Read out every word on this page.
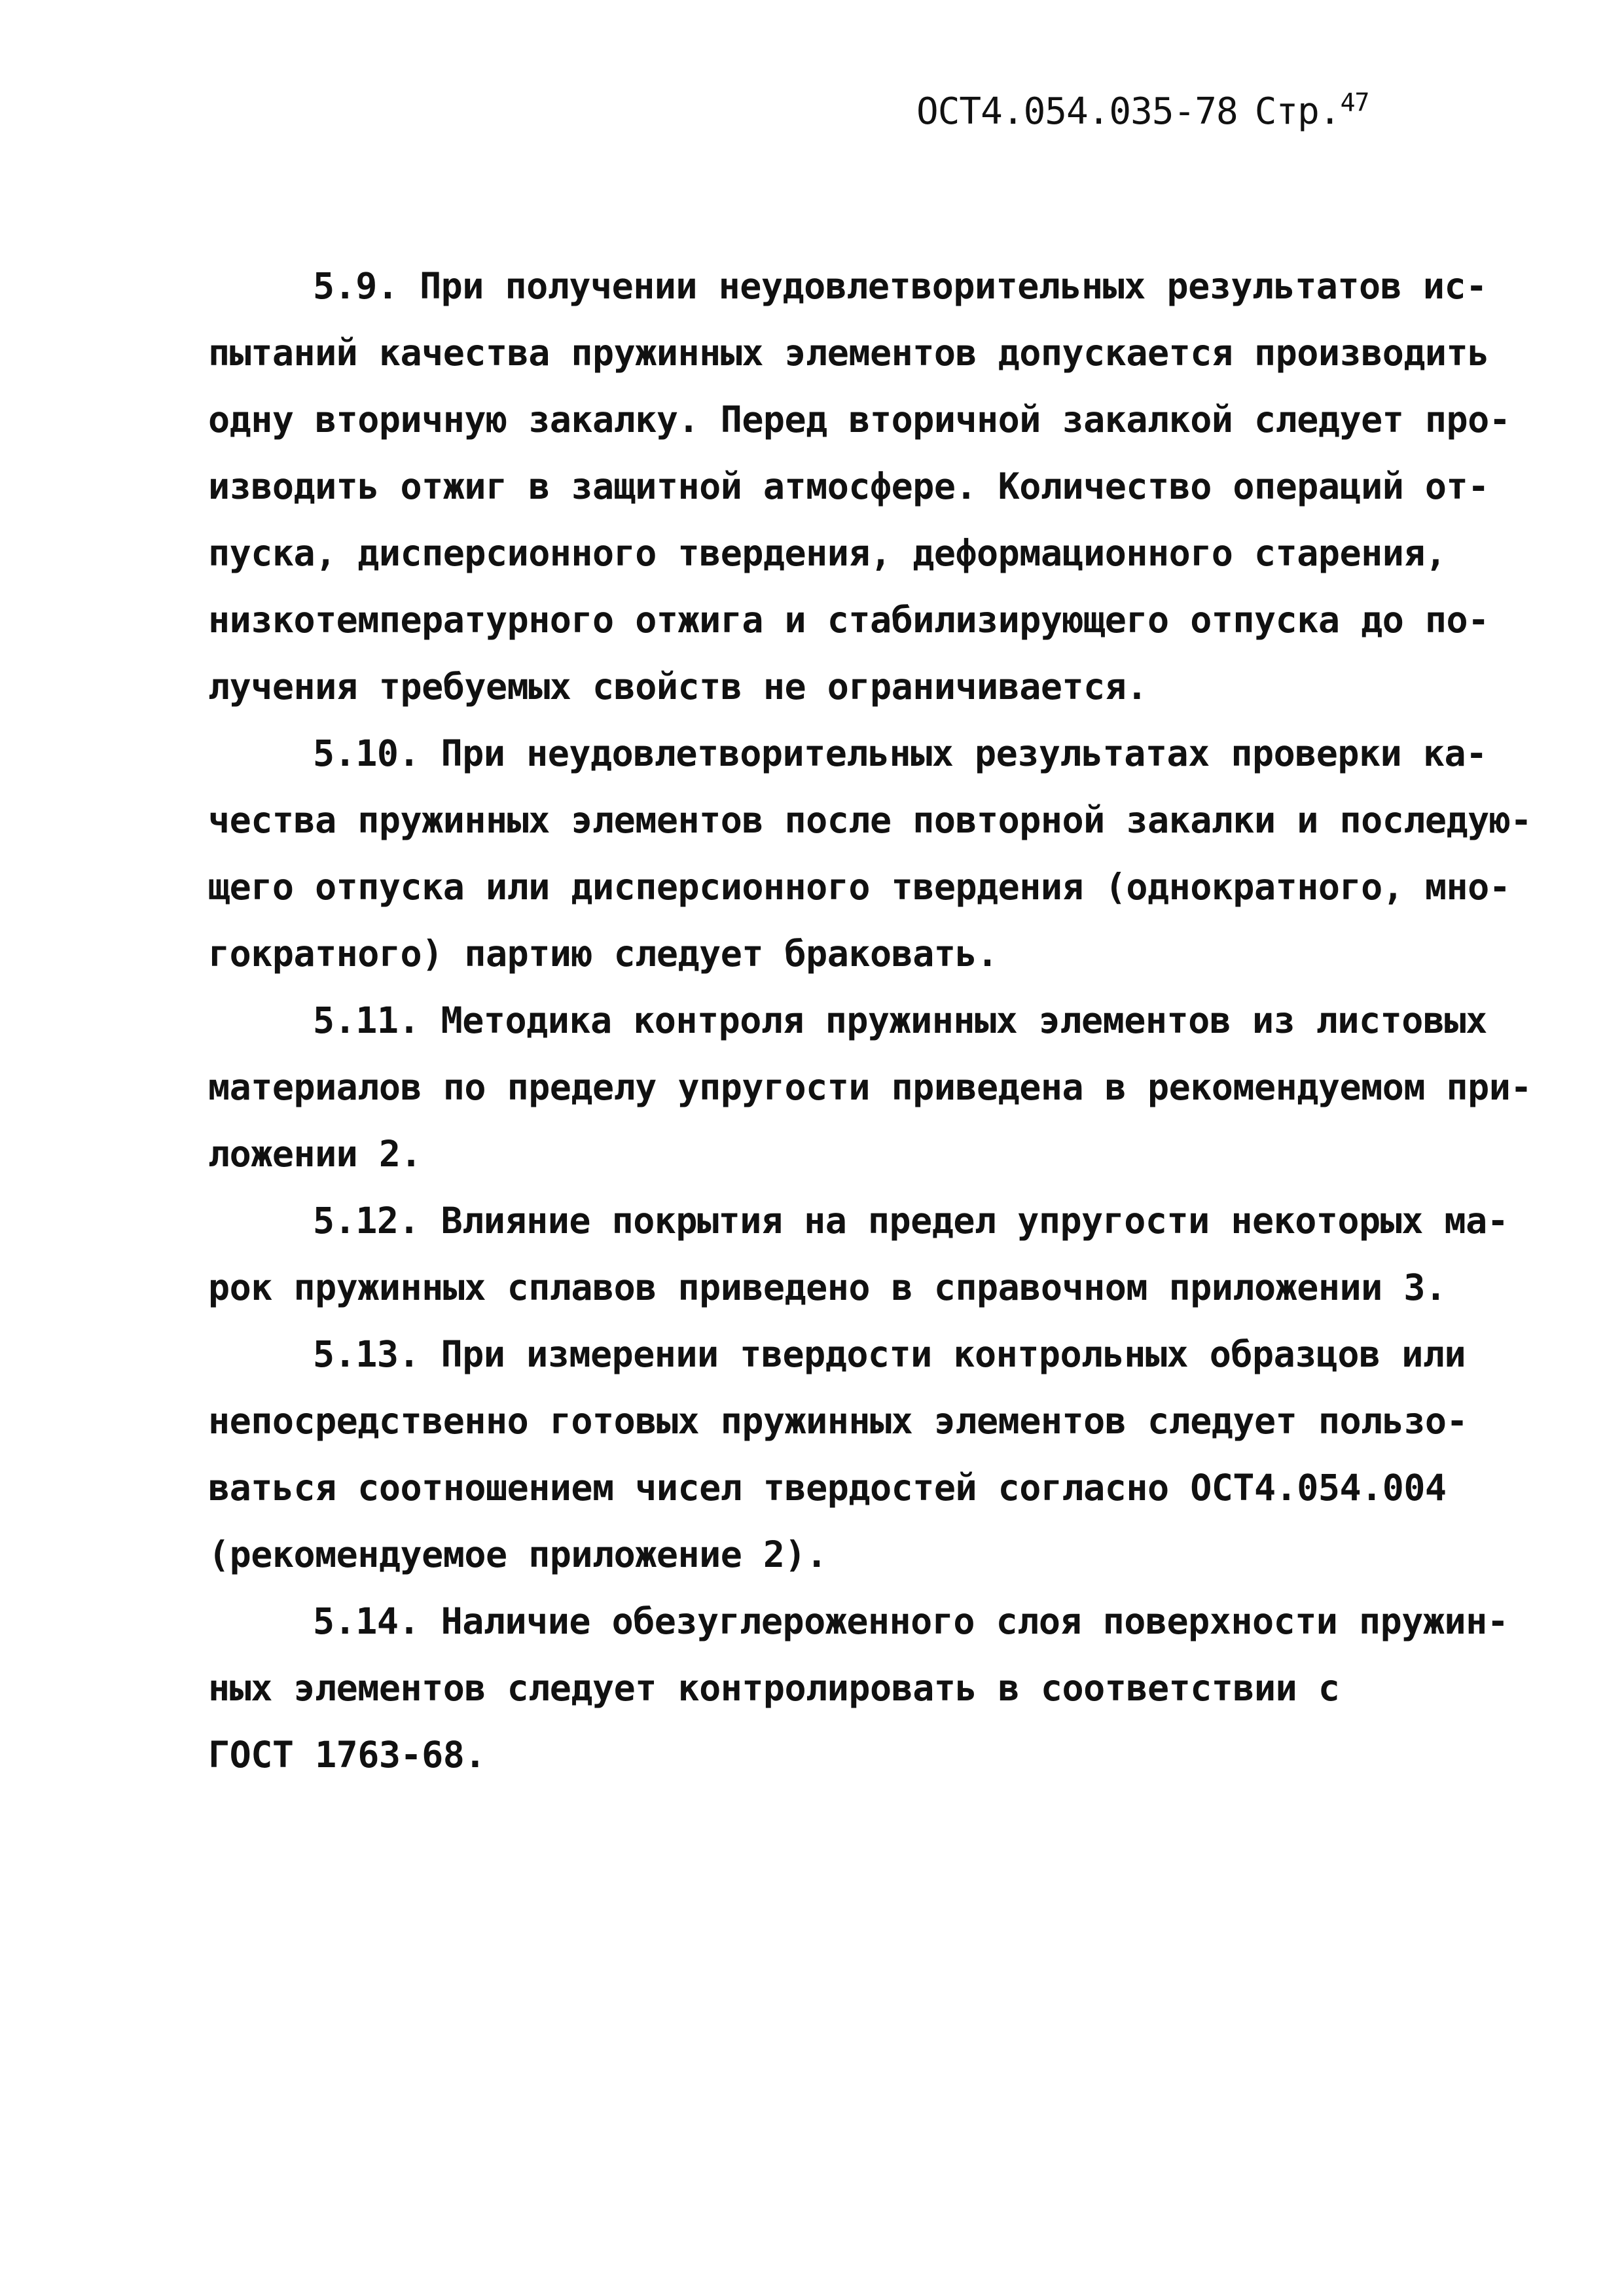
ОСТ4.054.035-78 Стр.$^{47}$
5.9. При получении неудовлетворительных результатов ис-
пытаний качества пружинных элементов допускается производить
одну вторичную закалку. Перед вторичной закалкой следует про-
изводить отжиг в защитной атмосфере. Количество операций от-
пуска, дисперсионного твердения, деформационного старения,
низкотемпературного отжига и стабилизирующего отпуска до по-
лучения требуемых свойств не ограничивается.
5.10. При неудовлетворительных результатах проверки ка-
чества пружинных элементов после повторной закалки и последую-
щего отпуска или дисперсионного твердения (однократного, мно-
гократного) партию следует браковать.
5.11. Методика контроля пружинных элементов из листовых
материалов по пределу упругости приведена в рекомендуемом при-
ложении 2.
5.12. Влияние покрытия на предел упругости некоторых ма-
рок пружинных сплавов приведено в справочном приложении 3.
5.13. При измерении твердости контрольных образцов или
непосредственно готовых пружинных элементов следует пользо-
ваться соотношением чисел твердостей согласно ОСТ4.054.004
(рекомендуемое приложение 2).
5.14. Наличие обезуглероженного слоя поверхности пружин-
ных элементов следует контролировать в соответствии с
ГОСТ 1763-68.
